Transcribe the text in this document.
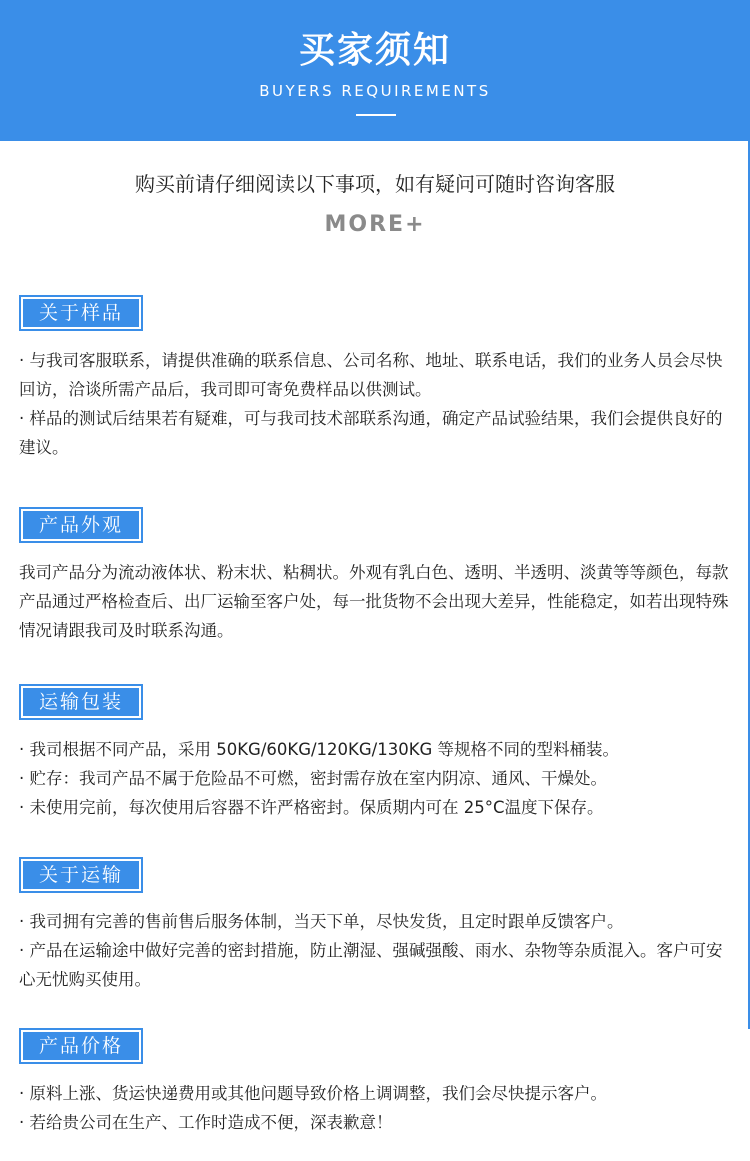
买家须知
BUYERS REQUIREMENTS
购买前请仔细阅读以下事项，如有疑问可随时咨询客服
MORE+
关于样品

· 与我司客服联系，请提供准确的联系信息、公司名称、地址、联系电话，我们的业务人员会尽快回访，洽谈所需产品后，我司即可寄免费样品以供测试。

· 样品的测试后结果若有疑难，可与我司技术部联系沟通，确定产品试验结果，我们会提供良好的建议。

产品外观

我司产品分为流动液体状、粉末状、粘稠状。外观有乳白色、透明、半透明、淡黄等等颜色，每款产品通过严格检查后、出厂运输至客户处，每一批货物不会出现大差异，性能稳定，如若出现特殊情况请跟我司及时联系沟通。

运输包装

· 我司根据不同产品，采用 50KG/60KG/120KG/130KG 等规格不同的型料桶装。

· 贮存：我司产品不属于危险品不可燃，密封需存放在室内阴凉、通风、干燥处。

· 未使用完前，每次使用后容器不许严格密封。保质期内可在 25°C温度下保存。

关于运输

· 我司拥有完善的售前售后服务体制，当天下单，尽快发货，且定时跟单反馈客户。

· 产品在运输途中做好完善的密封措施，防止潮湿、强碱强酸、雨水、杂物等杂质混入。客户可安心无忧购买使用。

产品价格

· 原料上涨、货运快递费用或其他问题导致价格上调调整，我们会尽快提示客户。

· 若给贵公司在生产、工作时造成不便，深表歉意！
